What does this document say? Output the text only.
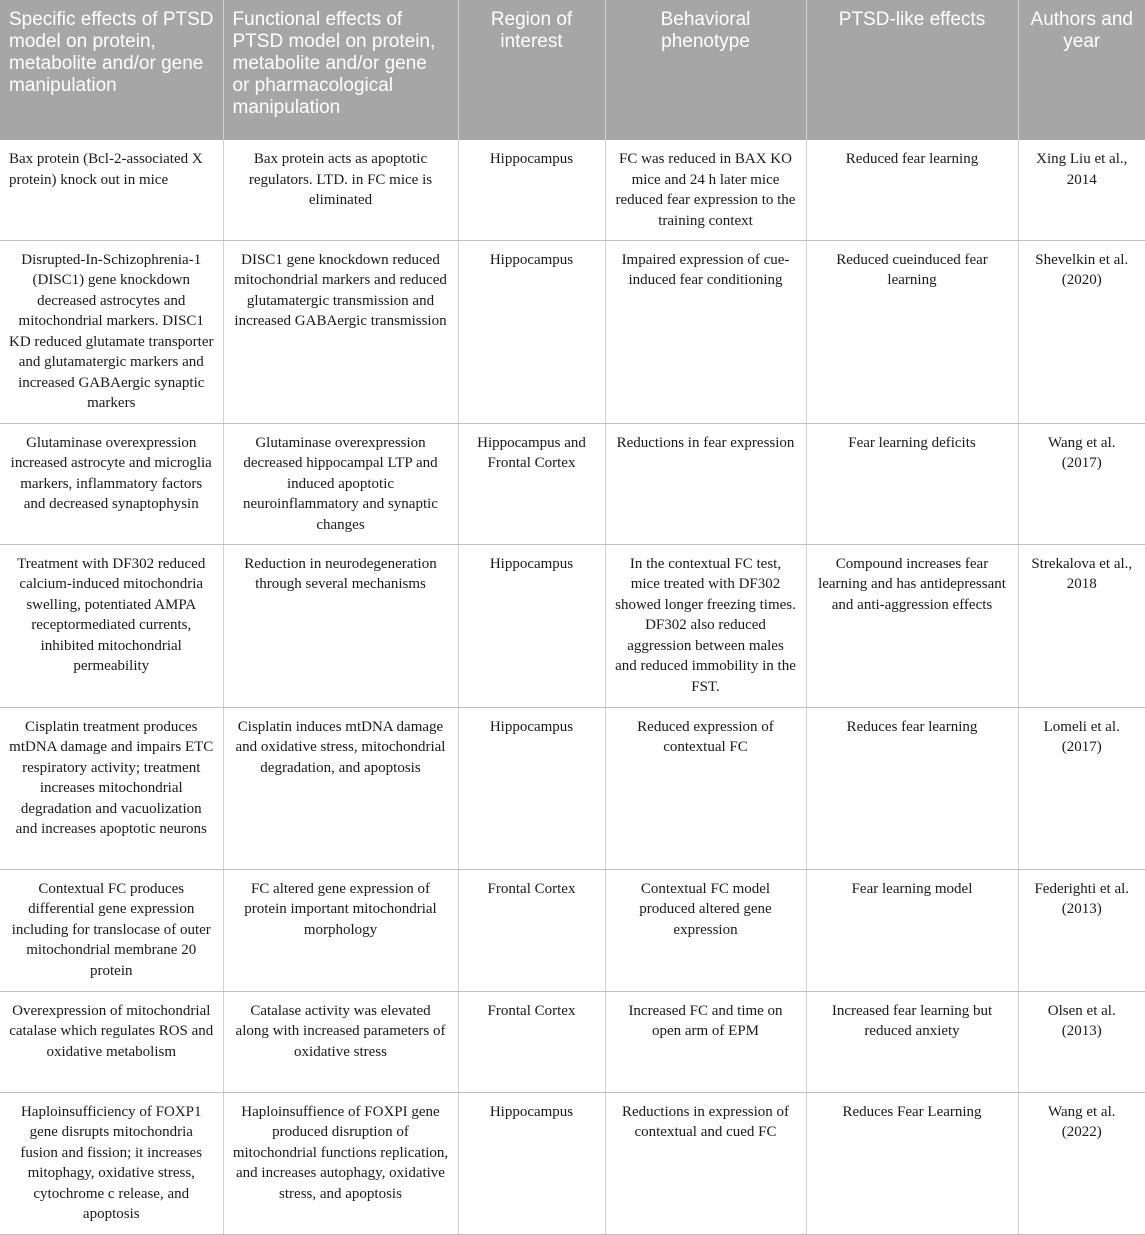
Specific effects of PTSD model on protein, metabolite and/or gene manipulation	Functional effects of PTSD model on protein, metabolite and/or gene or pharmacological manipulation	Region of interest	Behavioral phenotype	PTSD-like effects	Authors and year
Bax protein (Bcl-2-associated X protein) knock out in mice	Bax protein acts as apoptotic regulators. LTD. in FC mice is eliminated	Hippocampus	FC was reduced in BAX KO mice and 24 h later mice reduced fear expression to the training context	Reduced fear learning	Xing Liu et al., 2014
Disrupted-In-Schizophrenia-1 (DISC1) gene knockdown decreased astrocytes and mitochondrial markers. DISC1 KD reduced glutamate transporter and glutamatergic markers and increased GABAergic synaptic markers	DISC1 gene knockdown reduced mitochondrial markers and reduced glutamatergic transmission and increased GABAergic transmission	Hippocampus	Impaired expression of cue-induced fear conditioning	Reduced cueinduced fear learning	Shevelkin et al. (2020)
Glutaminase overexpression increased astrocyte and microglia markers, inflammatory factors and decreased synaptophysin	Glutaminase overexpression decreased hippocampal LTP and induced apoptotic neuroinflammatory and synaptic changes	Hippocampus and Frontal Cortex	Reductions in fear expression	Fear learning deficits	Wang et al. (2017)
Treatment with DF302 reduced calcium-induced mitochondria swelling, potentiated AMPA receptormediated currents, inhibited mitochondrial permeability	Reduction in neurodegeneration through several mechanisms	Hippocampus	In the contextual FC test, mice treated with DF302 showed longer freezing times. DF302 also reduced aggression between males and reduced immobility in the FST.	Compound increases fear learning and has antidepressant and anti-aggression effects	Strekalova et al., 2018
Cisplatin treatment produces mtDNA damage and impairs ETC respiratory activity; treatment increases mitochondrial degradation and vacuolization and increases apoptotic neurons	Cisplatin induces mtDNA damage and oxidative stress, mitochondrial degradation, and apoptosis	Hippocampus	Reduced expression of contextual FC	Reduces fear learning	Lomeli et al. (2017)
Contextual FC produces differential gene expression including for translocase of outer mitochondrial membrane 20 protein	FC altered gene expression of protein important mitochondrial morphology	Frontal Cortex	Contextual FC model produced altered gene expression	Fear learning model	Federighti et al. (2013)
Overexpression of mitochondrial catalase which regulates ROS and oxidative metabolism	Catalase activity was elevated along with increased parameters of oxidative stress	Frontal Cortex	Increased FC and time on open arm of EPM	Increased fear learning but reduced anxiety	Olsen et al. (2013)
Haploinsufficiency of FOXP1 gene disrupts mitochondria fusion and fission; it increases mitophagy, oxidative stress, cytochrome c release, and apoptosis	Haploinsuffience of FOXPI gene produced disruption of mitochondrial functions replication, and increases autophagy, oxidative stress, and apoptosis	Hippocampus	Reductions in expression of contextual and cued FC	Reduces Fear Learning	Wang et al. (2022)
